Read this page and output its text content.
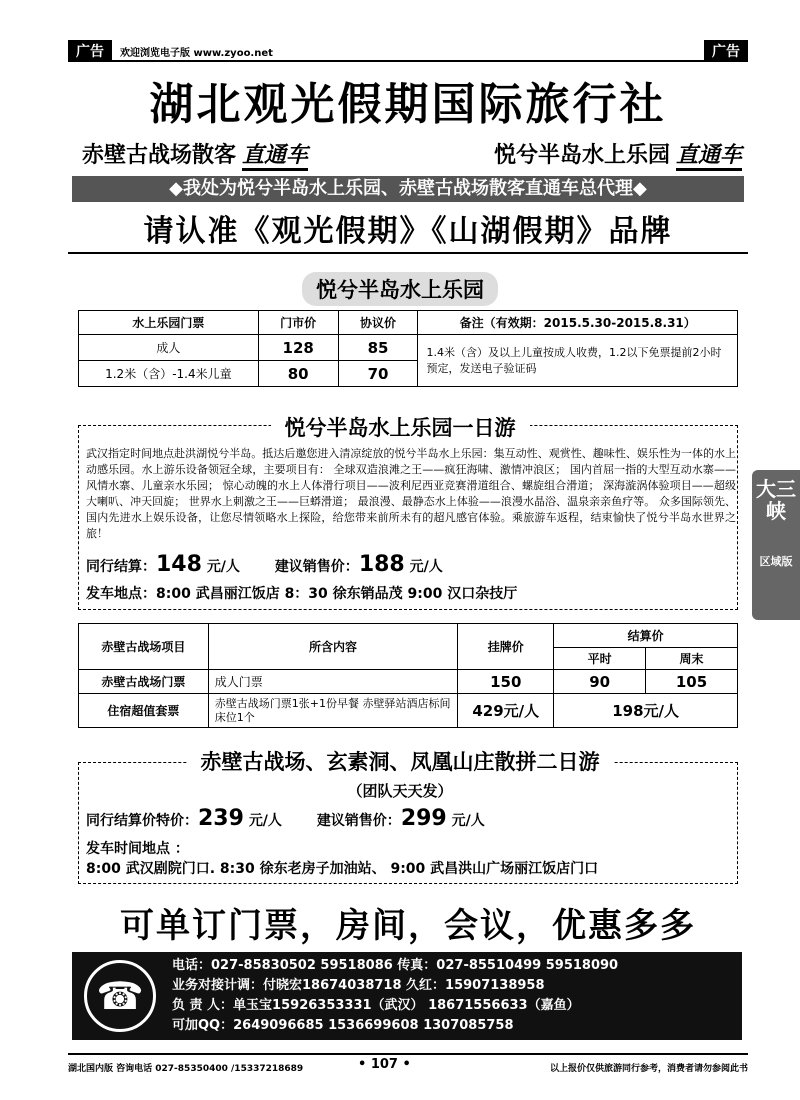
广告	欢迎浏览电子版 www.zyoo.net	广告
湖北观光假期国际旅行社
赤壁古战场散客 直通车	悦兮半岛水上乐园 直通车
◆我处为悦兮半岛水上乐园、赤壁古战场散客直通车总代理◆
请认准《观光假期》《山湖假期》品牌
悦兮半岛水上乐园
水上乐园门票	门市价	协议价	备注（有效期：2015.5.30-2015.8.31）
成人	128	85	1.4米（含）及以上儿童按成人收费，1.2以下免票提前2小时预定，发送电子验证码
1.2米（含）-1.4米儿童	80	70	
悦兮半岛水上乐园一日游
武汉指定时间地点赴洪湖悦兮半岛。抵达后邀您进入清凉绽放的悦兮半岛水上乐园：集互动性、观赏性、趣味性、娱乐性为一体的水上动感乐园。水上游乐设备领冠全球，主要项目有： 全球双造浪滩之王——疯狂海啸、激情冲浪区； 国内首屈一指的大型互动水寨——风情水寨、儿童亲水乐园； 惊心动魄的水上人体滑行项目——波利尼西亚竞赛滑道组合、螺旋组合滑道； 深海漩涡体验项目——超级大喇叭、冲天回旋； 世界水上刺激之王——巨蟒滑道； 最浪漫、最静态水上体验——浪漫水晶浴、温泉亲亲鱼疗等。 众多国际领先、国内先进水上娱乐设备，让您尽情领略水上探险，给您带来前所未有的超凡感官体验。乘旅游车返程，结束愉快了悦兮半岛水世界之旅！
同行结算：148 元/人 建议销售价：188 元/人
发车地点：8:00 武昌丽江饭店 8：30 徐东销品茂 9:00 汉口杂技厅
赤壁古战场项目	所含内容	挂牌价	结算价	
			平时	周末
赤壁古战场门票	成人门票	150	90	105
住宿超值套票	赤壁古战场门票1张+1份早餐 赤壁驿站酒店标间床位1个	429元/人	198元/人	
赤壁古战场、玄素洞、凤凰山庄散拼二日游
（团队天天发）
同行结算价特价：239 元/人 建议销售价：299 元/人
发车时间地点 ：
8:00 武汉剧院门口. 8:30 徐东老房子加油站、 9:00 武昌洪山广场丽江饭店门口
大三峡
区域版
可单订门票，房间，会议，优惠多多
☎
电话：027-85830502 59518086 传真：027-85510499 59518090
业务对接计调：付晓宏18674038718 久红：15907138958
负 责 人：单玉宝15926353331（武汉） 18671556633（嘉鱼）
可加QQ：2649096685 1536699608 1307085758
湖北国内版 咨询电话 027-85350400 /15337218689	• 107 •	以上报价仅供旅游同行参考，消费者请勿参阅此书
